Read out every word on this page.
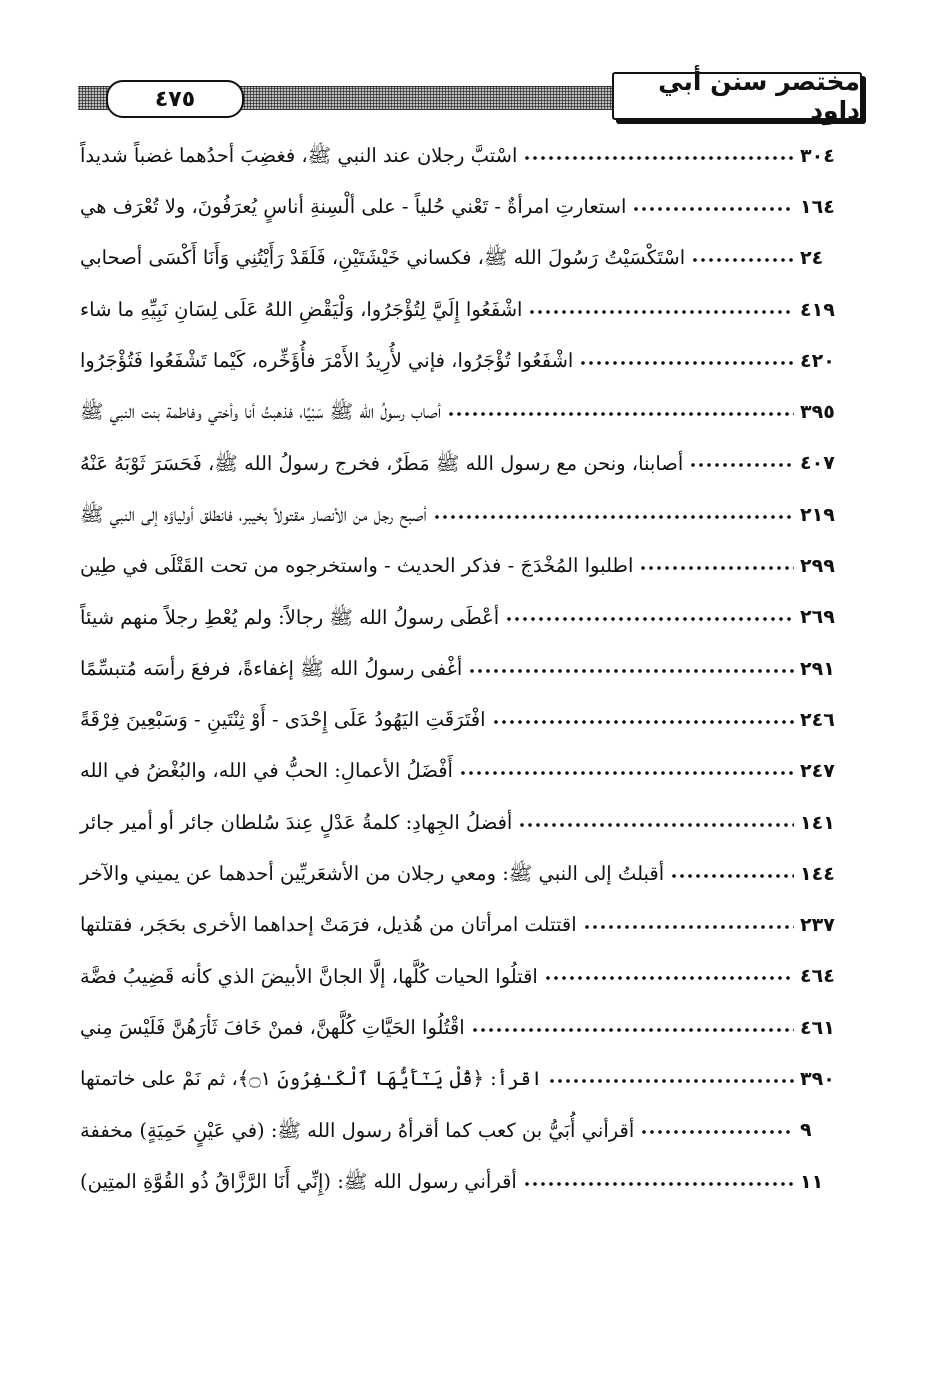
٤٧٥
مختصر سنن أبي داود
اسْتبَّ رجلان عند النبي ﷺ، فغضِبَ أحدُهما غضباً شديداً	٣٠٤
استعارتِ امرأةٌ - تَعْني حُلياً - على ألْسِنةِ أناسٍ يُعرَفُونَ، ولا تُعْرَف هي	١٦٤
اسْتَكْسَيْتُ رَسُولَ الله ﷺ، فكساني خَيْشَتَيْنِ، فَلَقَدْ رَأَيْتُنِي وَأَنَا أَكْسَى أصحابي	٢٤
اشْفَعُوا إِلَيَّ لِتُؤْجَرُوا، وَلْيَقْضِ اللهُ عَلَى لِسَانِ نَبِيِّهِ ما شاء	٤١٩
اشْفَعُوا تُؤْجَرُوا، فإني لأُرِيدُ الأَمْرَ فأُؤَخِّره، كَيْما تَشْفَعُوا فَتُؤْجَرُوا	٤٢٠
أصاب رسولُ الله ﷺ سَبْيًا، فذهبتُ أنا وأختي وفاطمة بنت النبي ﷺ	٣٩٥
أصابنا، ونحن مع رسول الله ﷺ مَطَرٌ، فخرج رسولُ الله ﷺ، فَحَسَرَ ثَوْبَهُ عَنْهُ	٤٠٧
أصبح رجل من الأنصار مقتولاً بخيبر، فانطلق أولياؤه إلى النبي ﷺ	٢١٩
اطلبوا المُخْدَجَ - فذكر الحديث - واستخرجوه من تحت القَتْلَى في طِين	٢٩٩
أعْطَى رسولُ الله ﷺ رجالاً: ولم يُعْطِ رجلاً منهم شيئاً	٢٦٩
أغْفى رسولُ الله ﷺ إغفاءةً، فرفعَ رأسَه مُتبسِّمًا	٢٩١
افْتَرَقَتِ اليَهُودُ عَلَى إِحْدَى - أَوْ ثِنْتَينِ - وَسَبْعِينَ فِرْقَةً	٢٤٦
أَفْضَلُ الأعمالِ: الحبُّ في الله، والبُغْضُ في الله	٢٤٧
أفضلُ الجِهادِ: كلمةُ عَدْلٍ عِندَ سُلطان جائر أو أمير جائر	١٤١
أقبلتُ إلى النبي ﷺ: ومعي رجلان من الأشعَريِّين أحدهما عن يميني والآخر	١٤٤
اقتتلت امرأتان من هُذيل، فرَمَتْ إحداهما الأخرى بحَجَر، فقتلتها	٢٣٧
اقتلُوا الحيات كُلَّها، إلَّا الجانَّ الأبيضَ الذي كأنه قَضِيبُ فضَّة	٤٦٤
اقْتُلُوا الحَيَّاتِ كُلَّهنَّ، فمنْ خَافَ ثَأرَهُنَّ فَلَيْسَ مِني	٤٦١
اقرأ: ﴿قُلْ يَـٰٓأَيُّهَا ٱلْكَـٰفِرُونَ ۝١﴾، ثم نَمْ على خاتمتها	٣٩٠
أقرأني أُبَيُّ بن كعب كما أقرأهُ رسول الله ﷺ: (في عَيْنٍ حَمِيَةٍ) مخففة	٩
أقرأني رسول الله ﷺ: (إِنِّي أَنَا الرَّزَّاقُ ذُو القُوَّةِ المتِين)	١١
